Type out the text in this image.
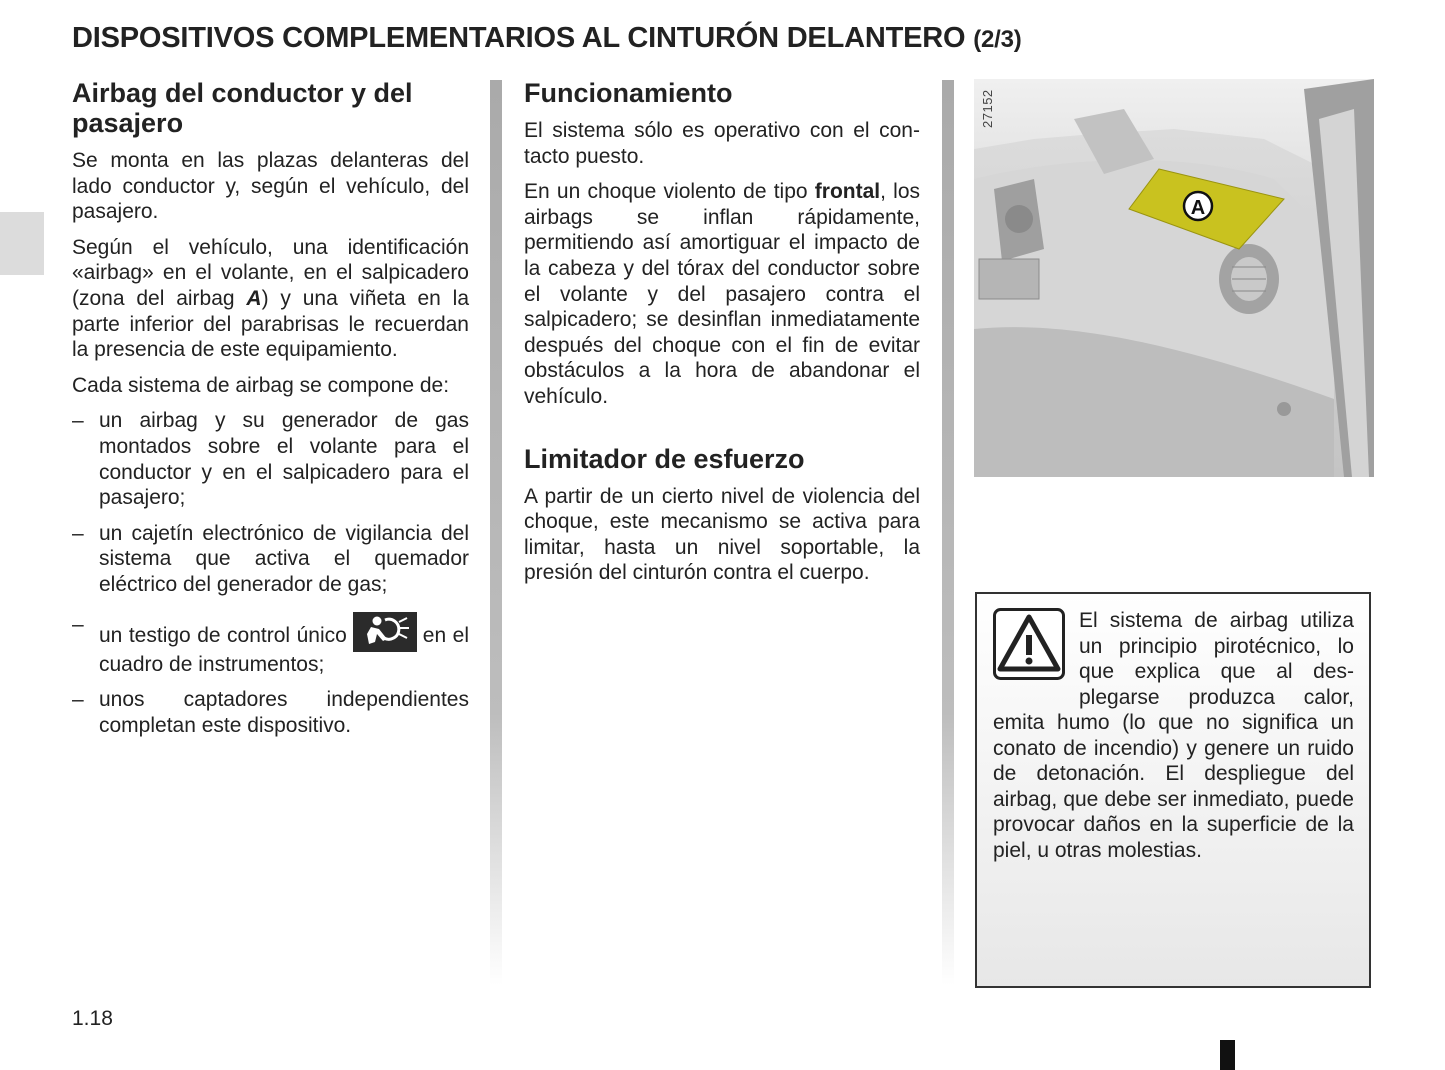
DISPOSITIVOS COMPLEMENTARIOS AL CINTURÓN DELANTERO (2/3)
Airbag del conductor y del pasajero

Se monta en las plazas delanteras del lado conductor y, según el vehículo, del pasajero.

Según el vehículo, una identificación «airbag» en el volante, en el salpicadero (zona del airbag A) y una viñeta en la parte inferior del parabrisas le recuerdan la presencia de este equipamiento.

Cada sistema de airbag se compone de:

– un airbag y su generador de gas montados sobre el volante para el conductor y en el salpicadero para el pasajero;
– un cajetín electrónico de vigilancia del sistema que activa el quemador eléctrico del generador de gas;
– un testigo de control único	en el cuadro de instrumentos;
– unos captadores independientes completan este dispositivo.
Funcionamiento

El sistema sólo es operativo con el contacto puesto.

En un choque violento de tipo frontal, los airbags se inflan rápidamente, permitiendo así amortiguar el impacto de la cabeza y del tórax del conductor sobre el volante y del pasajero contra el salpicadero; se desinflan inmediatamente después del choque con el fin de evitar obstáculos a la hora de abandonar el vehículo.

Limitador de esfuerzo

A partir de un cierto nivel de violencia del choque, este mecanismo se activa para limitar, hasta un nivel soportable, la presión del cinturón contra el cuerpo.

A
27152

El sistema de airbag utiliza un principio pirotécnico, lo que explica que al desplegarse produzca calor, emita humo (lo que no significa un conato de incendio) y genere un ruido de detonación. El despliegue del airbag, que debe ser inmediato, puede provocar daños en la superficie de la piel, u otras molestias.

1.18
